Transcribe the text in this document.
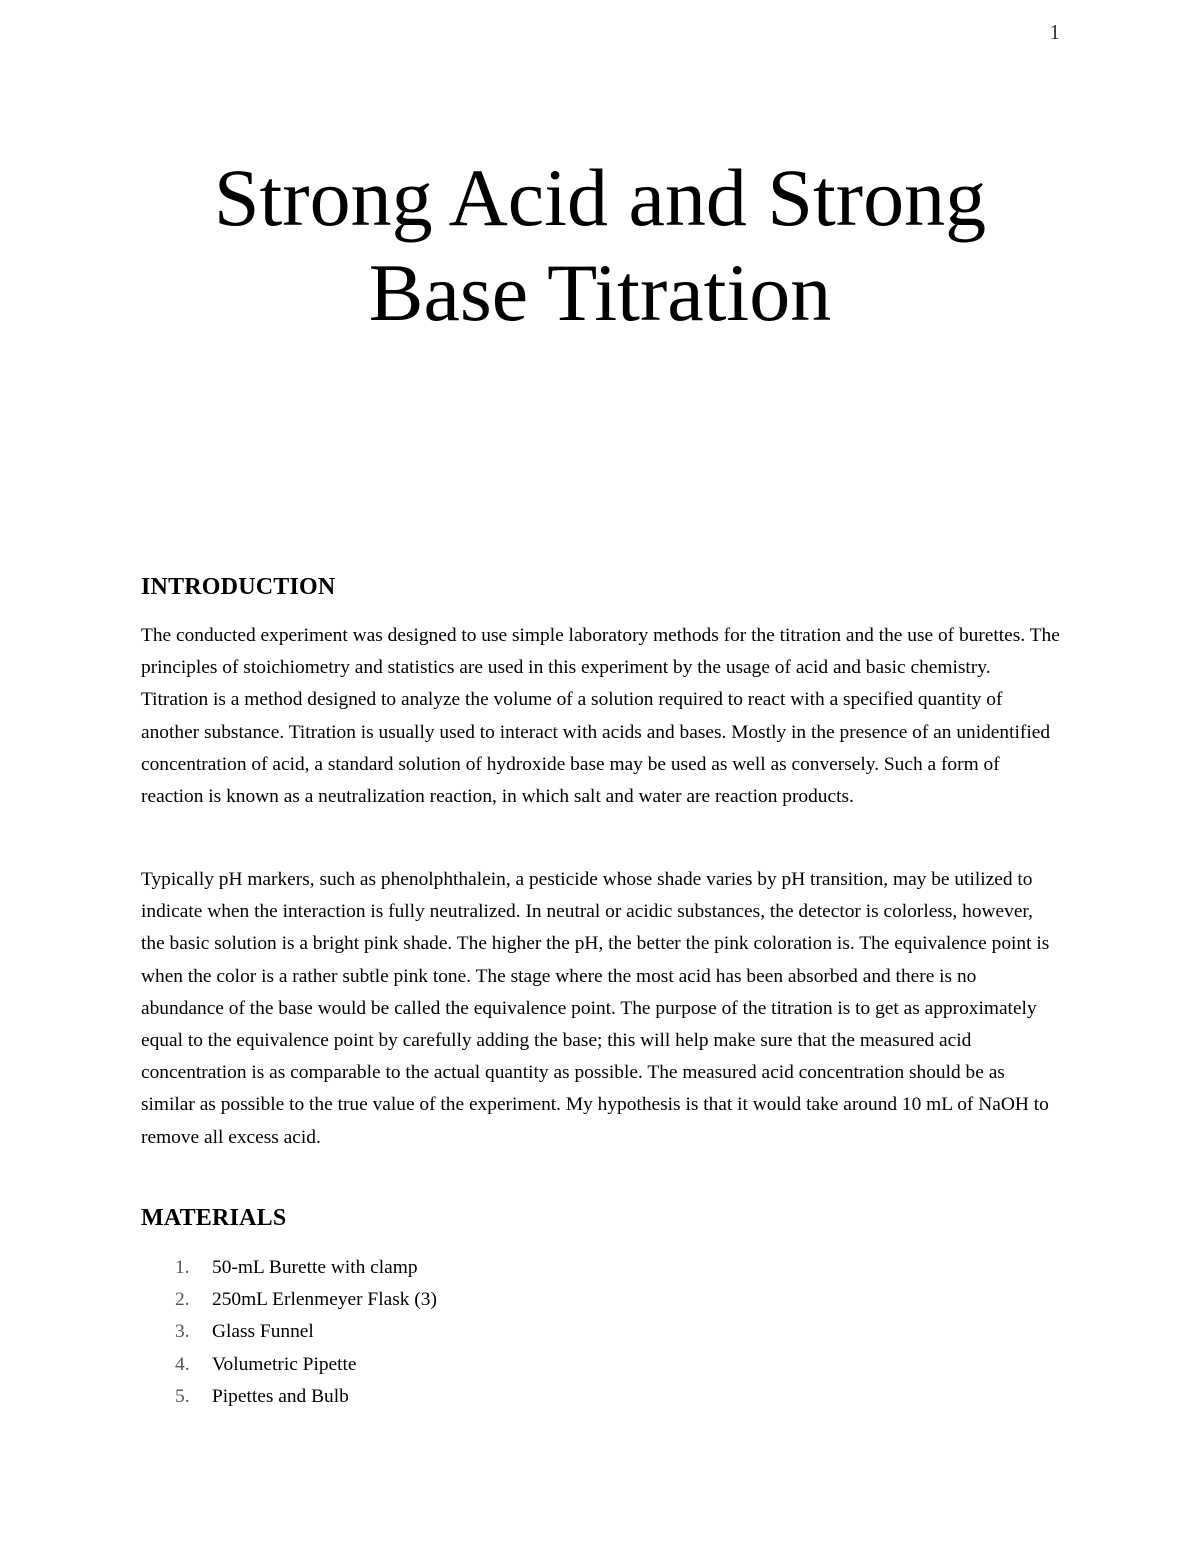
1
Strong Acid and Strong
Base Titration
INTRODUCTION

The conducted experiment was designed to use simple laboratory methods for the titration and the use of burettes. The principles of stoichiometry and statistics are used in this experiment by the usage of acid and basic chemistry. Titration is a method designed to analyze the volume of a solution required to react with a specified quantity of another substance. Titration is usually used to interact with acids and bases. Mostly in the presence of an unidentified concentration of acid, a standard solution of hydroxide base may be used as well as conversely. Such a form of reaction is known as a neutralization reaction, in which salt and water are reaction products.

Typically pH markers, such as phenolphthalein, a pesticide whose shade varies by pH transition, may be utilized to indicate when the interaction is fully neutralized. In neutral or acidic substances, the detector is colorless, however, the basic solution is a bright pink shade. The higher the pH, the better the pink coloration is. The equivalence point is when the color is a rather subtle pink tone. The stage where the most acid has been absorbed and there is no abundance of the base would be called the equivalence point. The purpose of the titration is to get as approximately equal to the equivalence point by carefully adding the base; this will help make sure that the measured acid concentration is as comparable to the actual quantity as possible. The measured acid concentration should be as similar as possible to the true value of the experiment. My hypothesis is that it would take around 10 mL of NaOH to remove all excess acid.

MATERIALS
1.	50-mL Burette with clamp
2.	250mL Erlenmeyer Flask (3)
3.	Glass Funnel
4.	Volumetric Pipette
5.	Pipettes and Bulb
